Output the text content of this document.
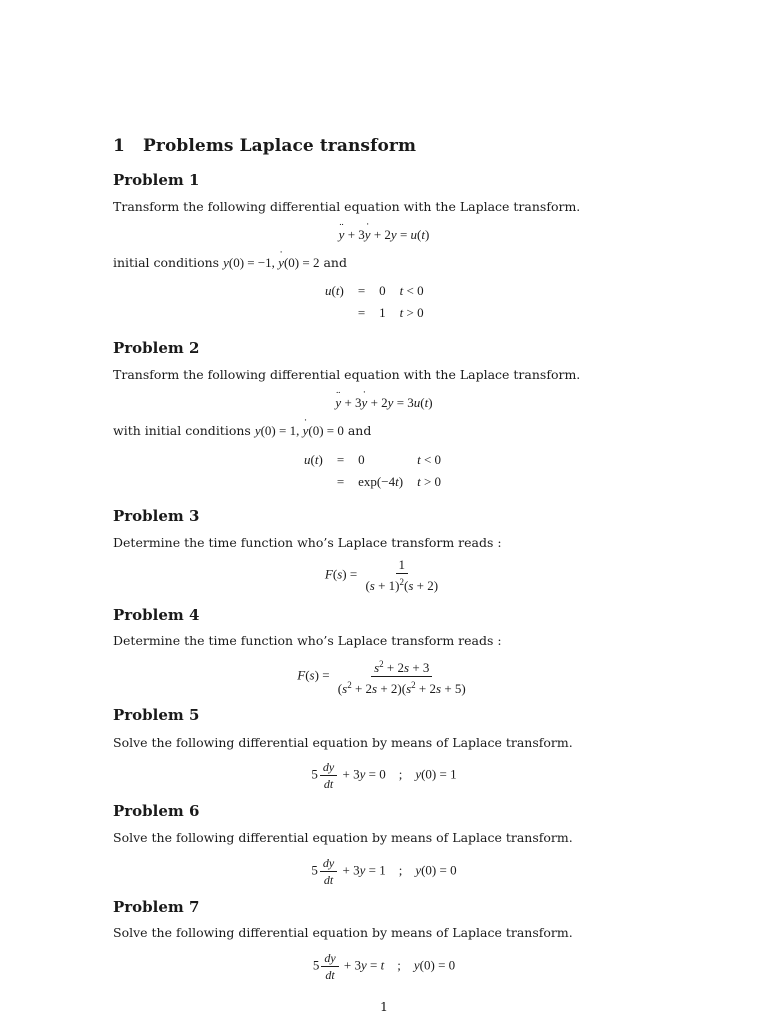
1 Problems Laplace transform
Problem 1
Transform the following differential equation with the Laplace transform.
y ¨ + 3y ˙ + 2y = u(t)
initial conditions y(0) = −1, y ˙(0) = 2 and
u(t)	=	0	t < 0
	=	1	t > 0
Problem 2
Transform the following differential equation with the Laplace transform.
y ¨ + 3y ˙ + 2y = 3u(t)
with initial conditions y(0) = 1, y ˙(0) = 0 and
u(t)	=	0	t < 0
	=	exp(−4t)	t > 0
Problem 3
Determine the time function who’s Laplace transform reads :
$F(s) = \frac{1}{(s + 1)^2(s + 2)}$
Problem 4
Determine the time function who’s Laplace transform reads :
$F(s) = \frac{s^2 + 2s + 3}{(s^2 + 2s + 2)(s^2 + 2s + 5)}$
Problem 5
Solve the following differential equation by means of Laplace transform.
$5 \frac{dy}{dt} + 3y = 0$    ;    y(0) = 1
Problem 6
Solve the following differential equation by means of Laplace transform.
$5 \frac{dy}{dt} + 3y = 1$    ;    y(0) = 0
Problem 7
Solve the following differential equation by means of Laplace transform.
$5 \frac{dy}{dt} + 3y = t$    ;    y(0) = 0
1
